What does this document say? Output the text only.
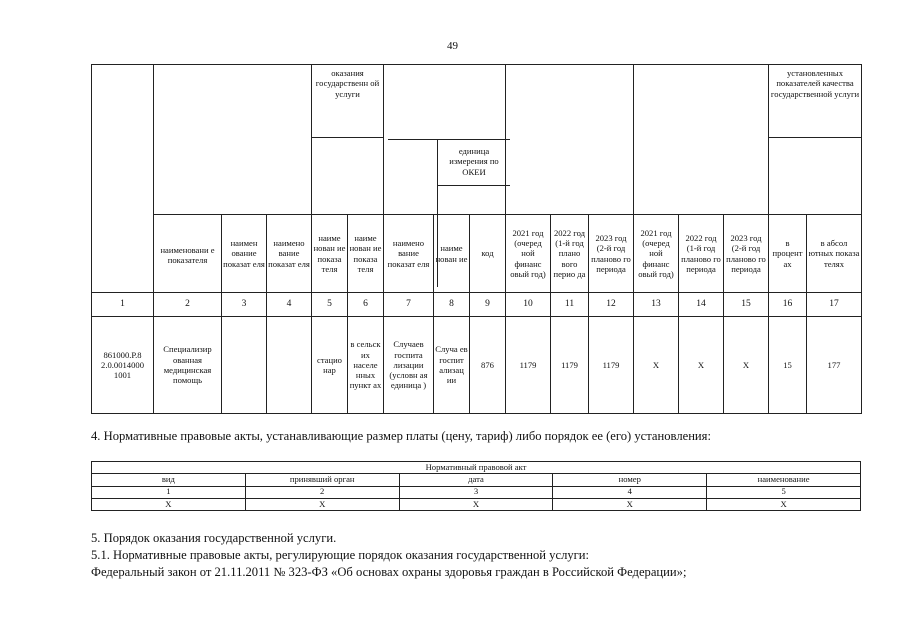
49
				оказания государственн ой услуги											установленных показателей качества государственной услуги	

	наименовани е показателя	наимен ование показат еля	наимено вание показат еля	наиме нован ие показа теля	наиме нован ие показа теля	наимено вание показат еля	наиме нован ие	код	2021 год (очеред ной финанс овый год)	2022 год (1-й год плано вого перио да	2023 год (2-й год планово го периода	2021 год (очеред ной финанс овый год)	2022 год (1-й год планово го периода	2023 год (2-й год планово го периода	в процент ах	в абсол ютных показа телях
1	2	3	4	5	6	7	8	9	10	11	12	13	14	15	16	17
861000.Р.8 2.0.0014000 1001	Специализир ованная медицинская помощь			стацио нар	в сельск их населе нных пункт ах	Случаев госпита лизации (условн ая единица )	Случа ев госпит ализац ии	876	1179	1179	1179	Х	Х	Х	15	177
единица измерения по ОКЕИ
4. Нормативные правовые акты, устанавливающие размер платы (цену, тариф) либо порядок ее (его) установления:
Нормативный правовой акт				
вид	принявший орган	дата	номер	наименование
1	2	3	4	5
Х	Х	Х	Х	Х
5. Порядок оказания государственной услуги.
5.1. Нормативные правовые акты, регулирующие порядок оказания государственной услуги:
Федеральный закон от 21.11.2011 № 323-ФЗ «Об основах охраны здоровья граждан в Российской Федерации»;
